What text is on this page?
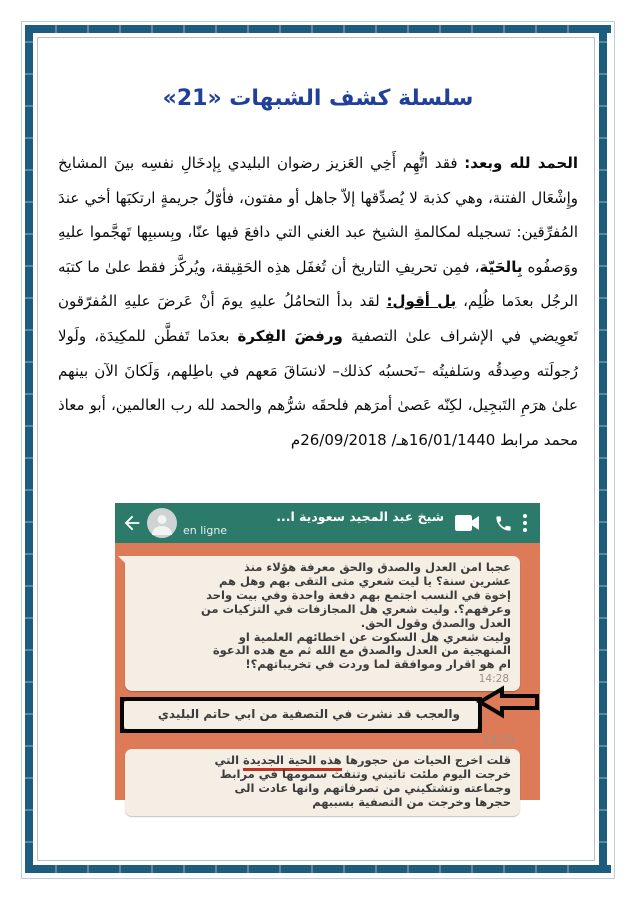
سلسلة كشف الشبهات «21»
الحمد لله وبعد: فقد اتُّهِم أَخِي العَزيز رضوان البليدي بِإدخَالِ نفسِه بينَ المشايخ وإِشْعَال الفتنة، وهي كذبة لا يُصدِّقها إلاّ جاهل أو مفتون، فأوّلُ جريمةٍ ارتكبَها أخي عندَ المُفرِّقين: تسجيله لمكالمةِ الشيخ عبد الغني التي دافعَ فيها عنّا، وبِسببِها تَهجَّموا عليهِ ووَصفُوه بِالحَيّة، فمِن تحريفِ التاريخ أن تُغفَل هذِه الحَقِيقة، ويُركَّز فقط علىٰ ما كتبَه الرجُل بعدَما ظُلِم، بل أقول: لقد بدأ التحامُلُ عليهِ يومَ أنْ عَرضَ عليهِ المُفرّقون تَعوِيضي في الإشراف علىٰ التصفية ورفضَ الفِكرة بعدَما تَفطَّن للمكِيدَة، ولَولا رُجولَته وصِدقُه وسَلفيتُه –نَحسبُه كذلك– لانسَاقَ مَعهم في باطِلهم، وَلَكانَ الآن بينهم علىٰ هرَمِ التَبجِيل، لكِنّه عَصىٰ أمرَهم فلحقَه شرُّهم والحمد لله رب العالمين، أبو معاذ محمد مرابط 16/01/1440هـ/ 26/09/2018م
شيخ عبد المجيد سعودية ا...
en ligne
عجبا امن العدل والصدق والحق معرفة هؤلاء منذ
عشرين سنة؟ يا ليت شعري متى التقى بهم وهل هم
إخوة في النسب اجتمع بهم دفعة واحدة وفي بيت واحد
وعرفهم؟. وليت شعري هل المجازفات في التزكيات من
العدل والصدق وقول الحق.
وليت شعري هل السكوت عن اخطائهم العلمية او
المنهجية من العدل والصدق مع الله ثم مع هده الدعوة
ام هو اقرار وموافقة لما وردت في تخريباتهم؟!
14:28
والعجب قد نشرت في التصفية من ابي حاتم البليدي
14:30
قلت اخرج الحيات من حجورها هذه الحية الجديدة التي
خرجت اليوم ملئت تاتيني وتنفث سمومها في مرابط
وجماعته وتشتكيني من تصرفاتهم وانها عادت الى
حجرها وخرجت من التصفية بسببهم
